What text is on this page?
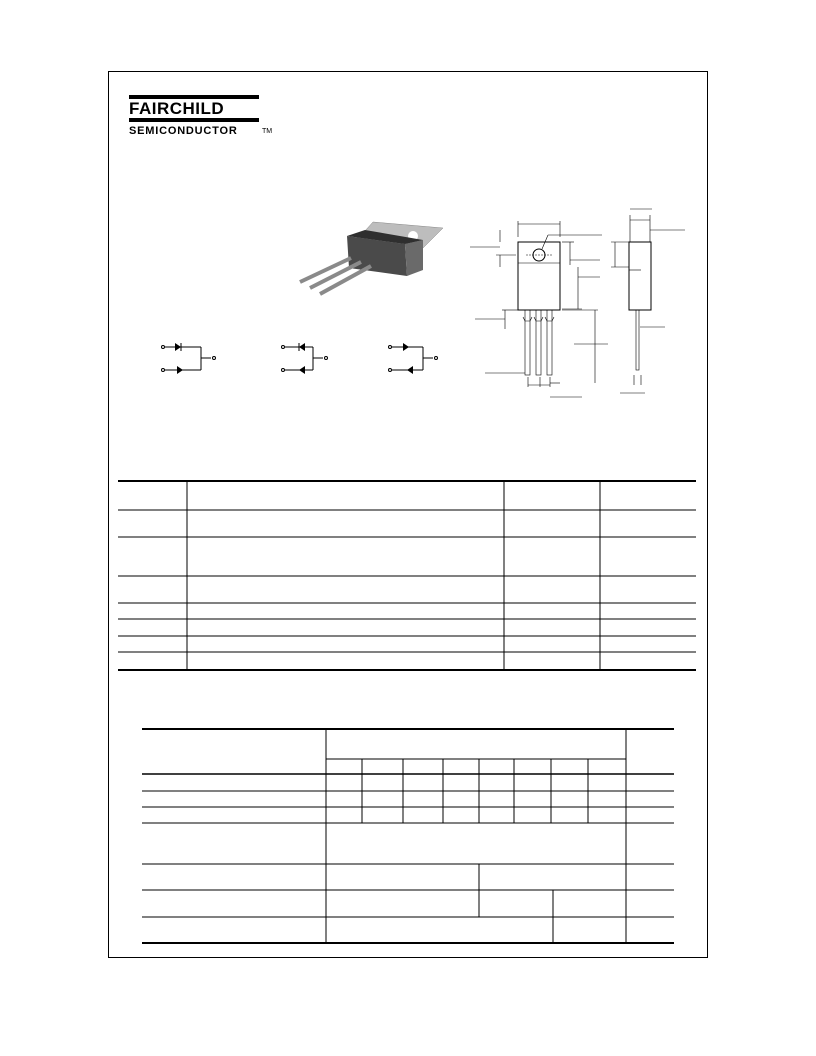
FAIRCHILD
SEMICONDUCTOR	TM
